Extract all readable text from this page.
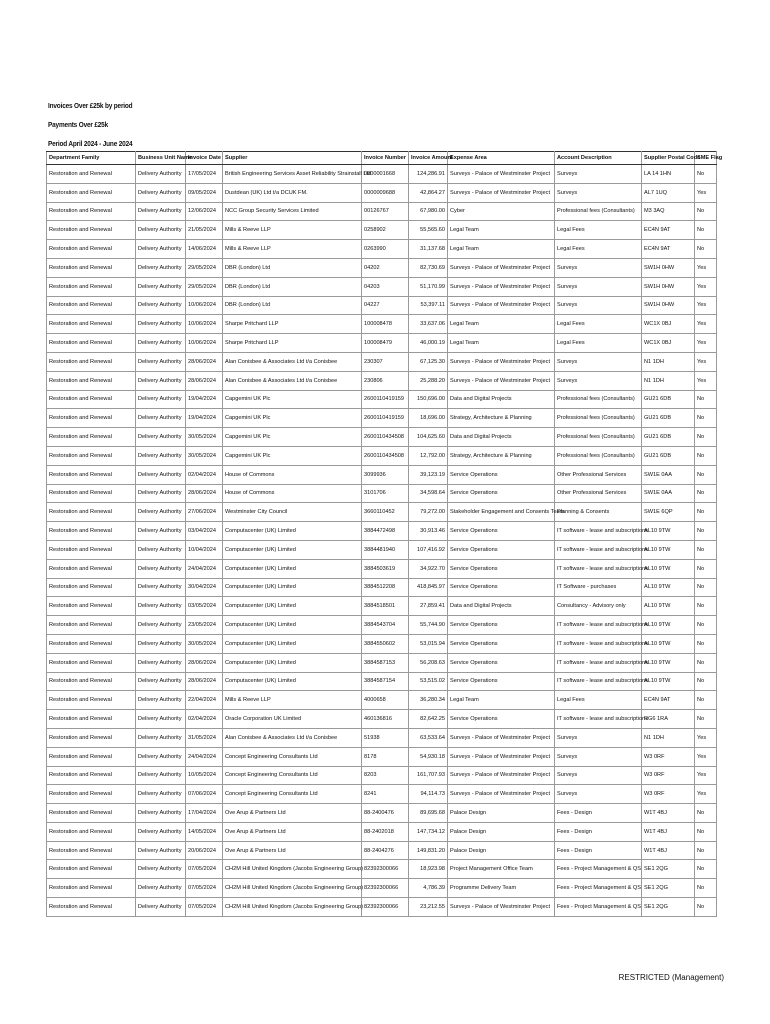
Invoices Over £25k by period
Payments Over £25k
Period April 2024 - June 2024
Department Family	Business Unit Name	Invoice Date	Supplier	Invoice Number	Invoice Amount	Expense Area	Account Description	Supplier Postal Code	SME Flag
Restoration and Renewal	Delivery Authority	17/05/2024	British Engineering Services Asset Reliability Strainstall Ltd	0000001668	124,286.91	Surveys - Palace of Westminster Project	Surveys	LA 14 1HN	No
Restoration and Renewal	Delivery Authority	09/05/2024	Dustdean (UK) Ltd t/a DCUK FM.	0000009688	42,864.27	Surveys - Palace of Westminster Project	Surveys	AL7 1UQ	Yes
Restoration and Renewal	Delivery Authority	12/06/2024	NCC Group Security Services Limited	00126767	67,980.00	Cyber	Professional fees (Consultants)	M3 3AQ	No
Restoration and Renewal	Delivery Authority	21/05/2024	Mills & Reeve LLP	0258902	55,565.60	Legal Team	Legal Fees	EC4N 9AT	No
Restoration and Renewal	Delivery Authority	14/06/2024	Mills & Reeve LLP	0263990	31,137.68	Legal Team	Legal Fees	EC4N 9AT	No
Restoration and Renewal	Delivery Authority	29/05/2024	DBR (London) Ltd	04202	82,730.69	Surveys - Palace of Westminster Project	Surveys	SW1H 0HW	Yes
Restoration and Renewal	Delivery Authority	29/05/2024	DBR (London) Ltd	04203	51,170.99	Surveys - Palace of Westminster Project	Surveys	SW1H 0HW	Yes
Restoration and Renewal	Delivery Authority	10/06/2024	DBR (London) Ltd	04227	53,397.11	Surveys - Palace of Westminster Project	Surveys	SW1H 0HW	Yes
Restoration and Renewal	Delivery Authority	10/06/2024	Sharpe Pritchard LLP	100008478	33,637.06	Legal Team	Legal Fees	WC1X 0BJ	Yes
Restoration and Renewal	Delivery Authority	10/06/2024	Sharpe Pritchard LLP	100008479	46,000.19	Legal Team	Legal Fees	WC1X 0BJ	Yes
Restoration and Renewal	Delivery Authority	28/06/2024	Alan Conisbee & Associates Ltd t/a Conisbee	230307	67,125.30	Surveys - Palace of Westminster Project	Surveys	N1 1DH	Yes
Restoration and Renewal	Delivery Authority	28/06/2024	Alan Conisbee & Associates Ltd t/a Conisbee	230806	25,288.20	Surveys - Palace of Westminster Project	Surveys	N1 1DH	Yes
Restoration and Renewal	Delivery Authority	19/04/2024	Capgemini UK Plc	2600110419159	150,696.00	Data and Digital Projects	Professional fees (Consultants)	GU21 6DB	No
Restoration and Renewal	Delivery Authority	19/04/2024	Capgemini UK Plc	2600110419159	18,696.00	Strategy, Architecture & Planning	Professional fees (Consultants)	GU21 6DB	No
Restoration and Renewal	Delivery Authority	30/05/2024	Capgemini UK Plc	2600110434508	104,625.60	Data and Digital Projects	Professional fees (Consultants)	GU21 6DB	No
Restoration and Renewal	Delivery Authority	30/05/2024	Capgemini UK Plc	2600110434508	12,792.00	Strategy, Architecture & Planning	Professional fees (Consultants)	GU21 6DB	No
Restoration and Renewal	Delivery Authority	02/04/2024	House of Commons	3099936	39,123.19	Service Operations	Other Professional Services	SW1E 0AA	No
Restoration and Renewal	Delivery Authority	28/06/2024	House of Commons	3101706	34,598.64	Service Operations	Other Professional Services	SW1E 0AA	No
Restoration and Renewal	Delivery Authority	27/06/2024	Westminster City Council	3660110452	79,272.00	Stakeholder Engagement and Consents Team	Planning & Consents	SW1E 6QP	No
Restoration and Renewal	Delivery Authority	03/04/2024	Computacenter (UK) Limited	3884472498	30,913.46	Service Operations	IT software - lease and subscriptions	AL10 9TW	No
Restoration and Renewal	Delivery Authority	10/04/2024	Computacenter (UK) Limited	3884481940	107,416.92	Service Operations	IT software - lease and subscriptions	AL10 9TW	No
Restoration and Renewal	Delivery Authority	24/04/2024	Computacenter (UK) Limited	3884503619	34,922.70	Service Operations	IT software - lease and subscriptions	AL10 9TW	No
Restoration and Renewal	Delivery Authority	30/04/2024	Computacenter (UK) Limited	3884512208	418,845.97	Service Operations	IT Software - purchases	AL10 9TW	No
Restoration and Renewal	Delivery Authority	03/05/2024	Computacenter (UK) Limited	3884518501	27,859.41	Data and Digital Projects	Consultancy - Advisory only	AL10 9TW	No
Restoration and Renewal	Delivery Authority	23/05/2024	Computacenter (UK) Limited	3884543704	55,744.90	Service Operations	IT software - lease and subscriptions	AL10 9TW	No
Restoration and Renewal	Delivery Authority	30/05/2024	Computacenter (UK) Limited	3884550602	53,015.94	Service Operations	IT software - lease and subscriptions	AL10 9TW	No
Restoration and Renewal	Delivery Authority	28/06/2024	Computacenter (UK) Limited	3884587153	56,208.63	Service Operations	IT software - lease and subscriptions	AL10 9TW	No
Restoration and Renewal	Delivery Authority	28/06/2024	Computacenter (UK) Limited	3884587154	53,515.02	Service Operations	IT software - lease and subscriptions	AL10 9TW	No
Restoration and Renewal	Delivery Authority	22/04/2024	Mills & Reeve LLP	4000658	36,280.34	Legal Team	Legal Fees	EC4N 9AT	No
Restoration and Renewal	Delivery Authority	02/04/2024	Oracle Corporation UK Limited	460136816	82,642.25	Service Operations	IT software - lease and subscriptions	RG6 1RA	No
Restoration and Renewal	Delivery Authority	31/05/2024	Alan Conisbee & Associates Ltd t/a Conisbee	51938	63,533.64	Surveys - Palace of Westminster Project	Surveys	N1 1DH	Yes
Restoration and Renewal	Delivery Authority	24/04/2024	Concept Engineering Consultants Ltd	8178	54,930.18	Surveys - Palace of Westminster Project	Surveys	W3 0RF	Yes
Restoration and Renewal	Delivery Authority	10/05/2024	Concept Engineering Consultants Ltd	8203	161,707.93	Surveys - Palace of Westminster Project	Surveys	W3 0RF	Yes
Restoration and Renewal	Delivery Authority	07/06/2024	Concept Engineering Consultants Ltd	8241	94,114.73	Surveys - Palace of Westminster Project	Surveys	W3 0RF	Yes
Restoration and Renewal	Delivery Authority	17/04/2024	Ove Arup & Partners Ltd	88-2400476	89,695.68	Palace Design	Fees - Design	W1T 4BJ	No
Restoration and Renewal	Delivery Authority	14/05/2024	Ove Arup & Partners Ltd	88-2402018	147,734.12	Palace Design	Fees - Design	W1T 4BJ	No
Restoration and Renewal	Delivery Authority	20/06/2024	Ove Arup & Partners Ltd	88-2404276	149,831.20	Palace Design	Fees - Design	W1T 4BJ	No
Restoration and Renewal	Delivery Authority	07/05/2024	CH2M Hill United Kingdom (Jacobs Engineering Group)	82392300066	18,923.98	Project Management Office Team	Fees - Project Management & QS	SE1 2QG	No
Restoration and Renewal	Delivery Authority	07/05/2024	CH2M Hill United Kingdom (Jacobs Engineering Group)	82392300066	4,786.39	Programme Delivery Team	Fees - Project Management & QS	SE1 2QG	No
Restoration and Renewal	Delivery Authority	07/05/2024	CH2M Hill United Kingdom (Jacobs Engineering Group)	82392300066	23,212.55	Surveys - Palace of Westminster Project	Fees - Project Management & QS	SE1 2QG	No
RESTRICTED (Management)
